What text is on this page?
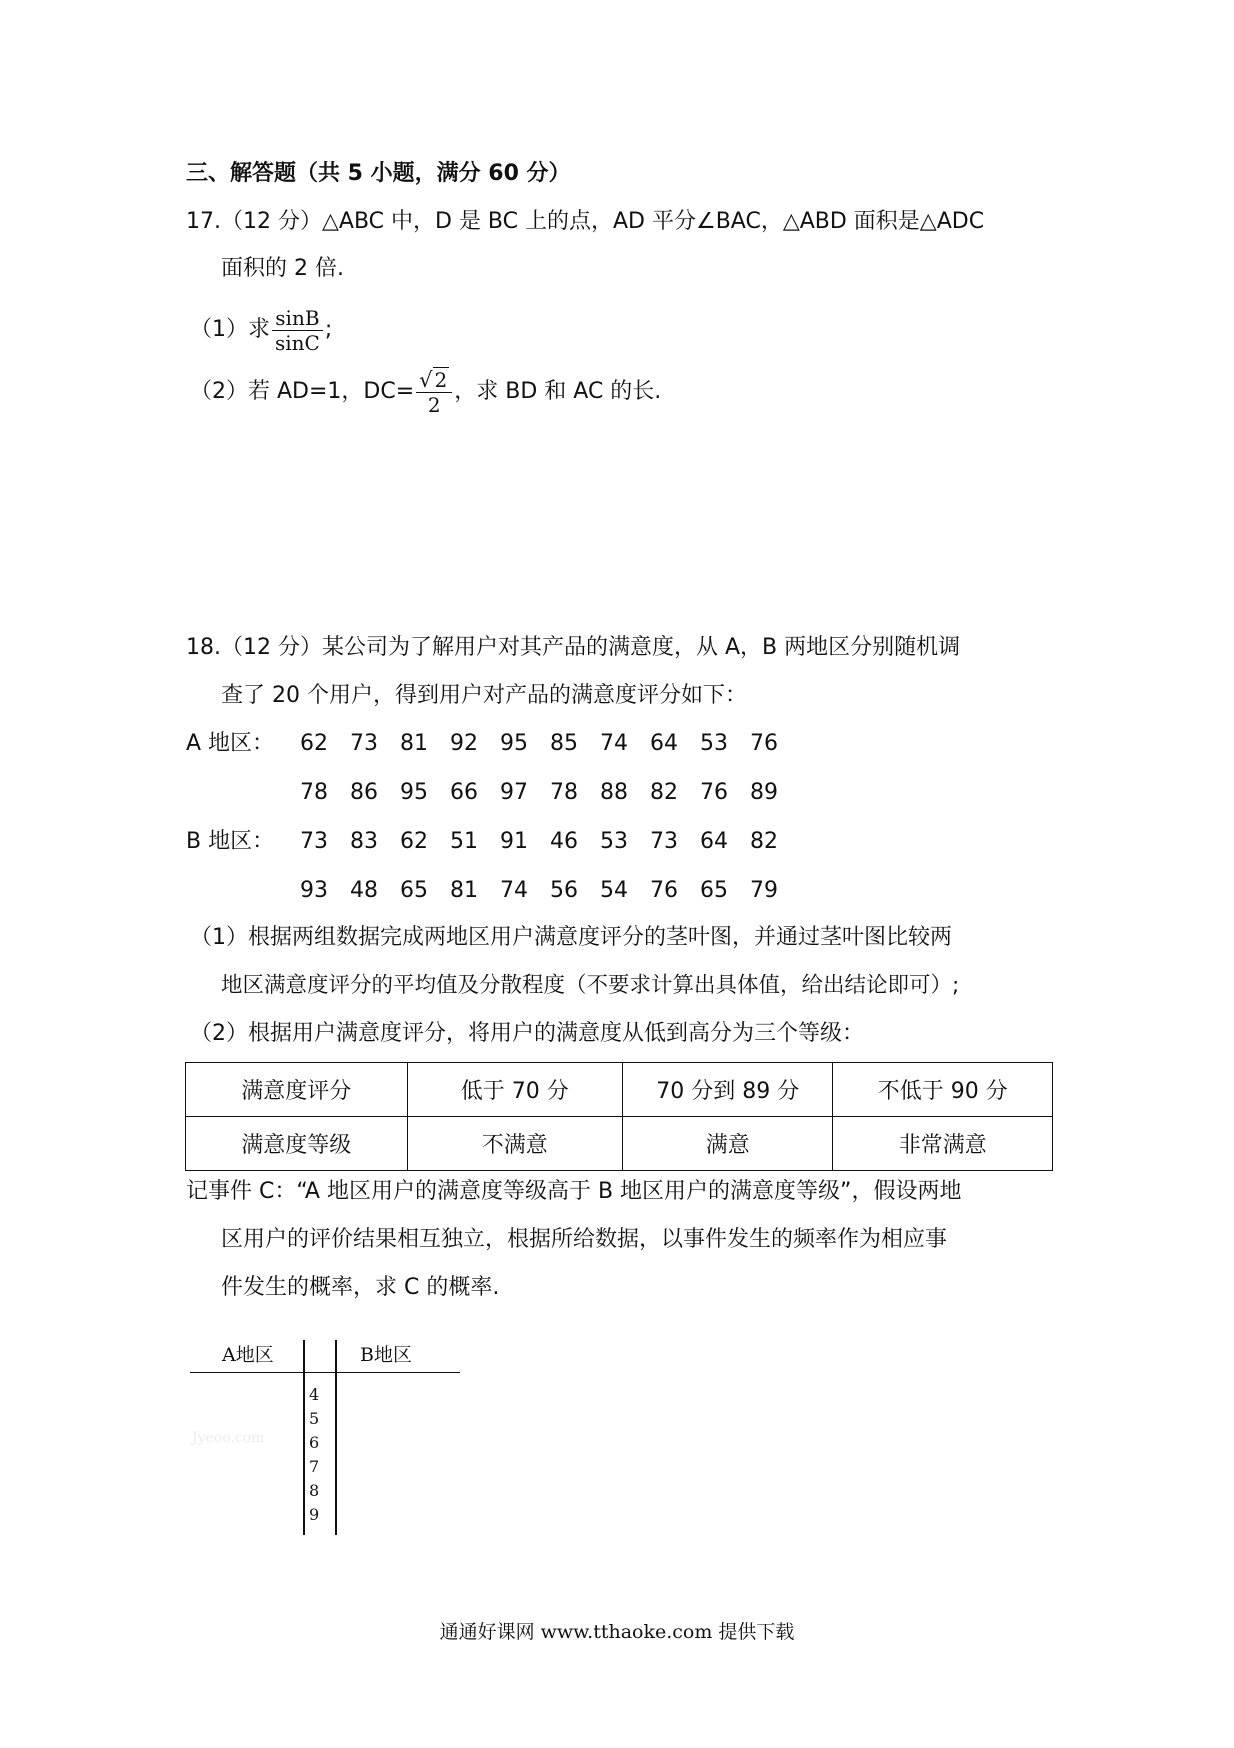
三、解答题（共 5 小题，满分 60 分）
17.（12 分）△ABC 中，D 是 BC 上的点，AD 平分∠BAC，△ABD 面积是△ADC
面积的 2 倍.
（1）求 $\frac{\sin B}{\sin C}$ ;
（2）若 AD=1，$DC= \frac{√ 2}{2}$ ，求 BD 和 AC 的长.
18.（12 分）某公司为了解用户对其产品的满意度，从 A，B 两地区分别随机调
查了 20 个用户，得到用户对产品的满意度评分如下：
A 地区： 62 73 81 92 95 85 74 64 53 76
78 86 95 66 97 78 88 82 76 89
B 地区： 73 83 62 51 91 46 53 73 64 82
93 48 65 81 74 56 54 76 65 79
（1）根据两组数据完成两地区用户满意度评分的茎叶图，并通过茎叶图比较两
地区满意度评分的平均值及分散程度（不要求计算出具体值，给出结论即可）;
（2）根据用户满意度评分，将用户的满意度从低到高分为三个等级：
满意度评分	低于 70 分	70 分到 89 分	不低于 90 分
满意度等级	不满意	满意	非常满意
记事件 C：“A 地区用户的满意度等级高于 B 地区用户的满意度等级”，假设两地
区用户的评价结果相互独立，根据所给数据，以事件发生的频率作为相应事
件发生的概率，求 C 的概率.
A地区	B地区
4
5
6
7
8
9
Jyeoo.com
通通好课网 www.tthaoke.com 提供下载
